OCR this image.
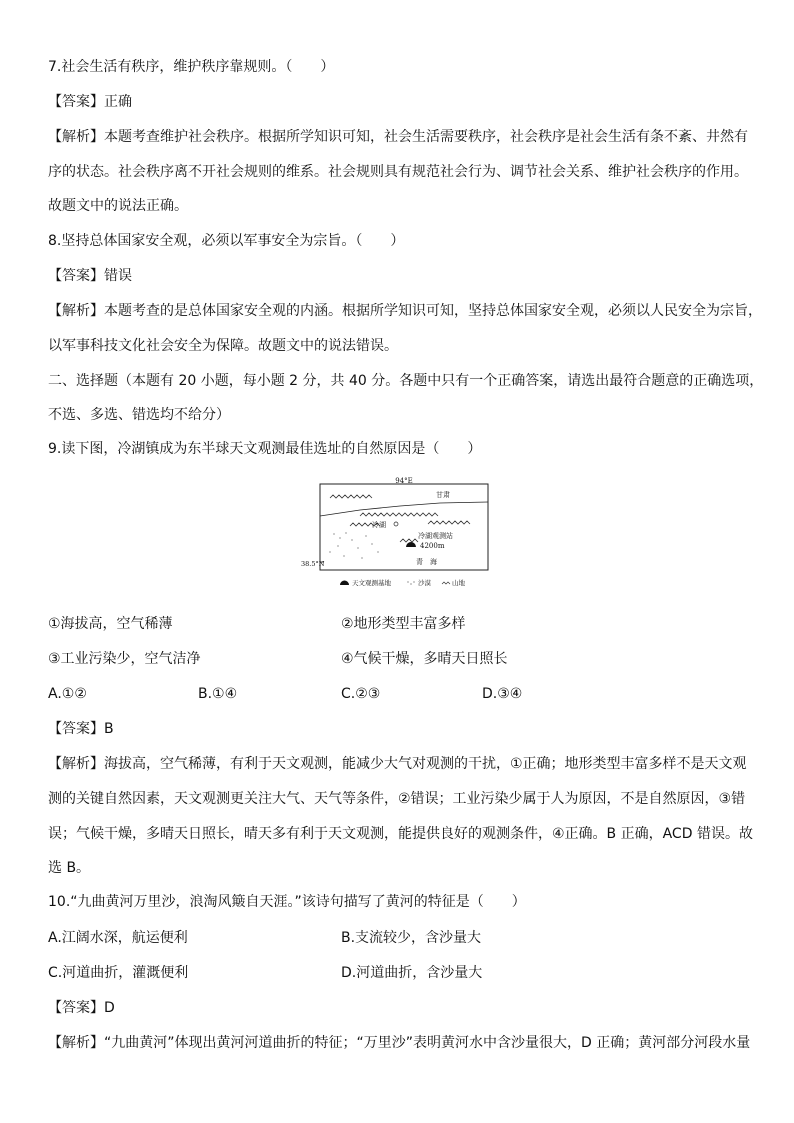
7.社会生活有秩序，维护秩序靠规则。（　　）
【答案】正确
【解析】本题考查维护社会秩序。根据所学知识可知，社会生活需要秩序，社会秩序是社会生活有条不紊、井然有
序的状态。社会秩序离不开社会规则的维系。社会规则具有规范社会行为、调节社会关系、维护社会秩序的作用。
故题文中的说法正确。
8.坚持总体国家安全观，必须以军事安全为宗旨。（　　）
【答案】错误
【解析】本题考查的是总体国家安全观的内涵。根据所学知识可知，坚持总体国家安全观，必须以人民安全为宗旨，
以军事科技文化社会安全为保障。故题文中的说法错误。
二、选择题（本题有 20 小题，每小题 2 分，共 40 分。各题中只有一个正确答案，请选出最符合题意的正确选项，
不选、多选、错选均不给分）
9.读下图，冷湖镇成为东半球天文观测最佳选址的自然原因是（　　）
94°E
38.5°N
甘肃
冷湖
冷湖观测站
4200m
青　海
天文观测基地	沙漠	山地
①海拔高，空气稀薄	②地形类型丰富多样
③工业污染少，空气洁净	④气候干燥，多晴天日照长
A.①②	B.①④	C.②③	D.③④
【答案】B
【解析】海拔高，空气稀薄，有利于天文观测，能减少大气对观测的干扰，①正确；地形类型丰富多样不是天文观
测的关键自然因素，天文观测更关注大气、天气等条件，②错误；工业污染少属于人为原因，不是自然原因，③错
误；气候干燥，多晴天日照长，晴天多有利于天文观测，能提供良好的观测条件，④正确。B 正确，ACD 错误。故
选 B。
10.“九曲黄河万里沙，浪淘风簸自天涯。”该诗句描写了黄河的特征是（　　）
A.江阔水深，航运便利	B.支流较少，含沙量大
C.河道曲折，灌溉便利	D.河道曲折，含沙量大
【答案】D
【解析】“九曲黄河”体现出黄河河道曲折的特征；“万里沙”表明黄河水中含沙量很大，D 正确；黄河部分河段水量
